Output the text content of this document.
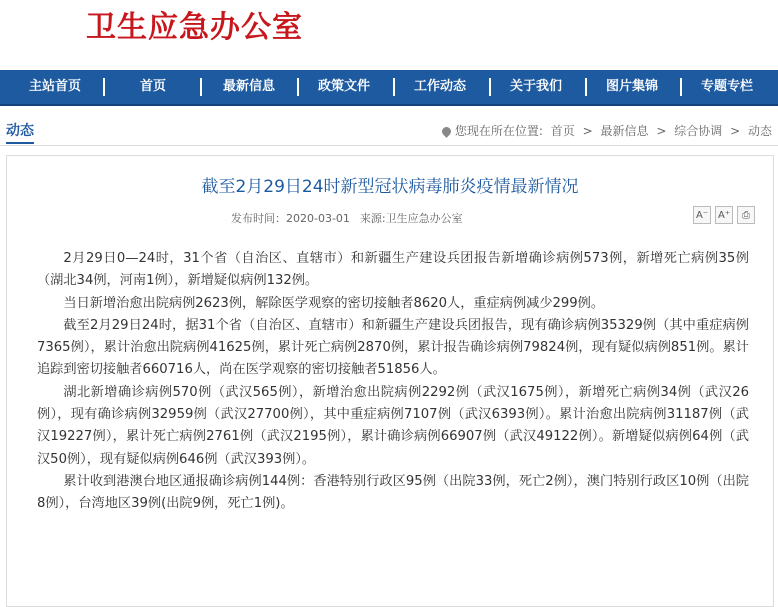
卫生应急办公室
主站首页	首页	最新信息	政策文件	工作动态	关于我们	图片集锦	专题专栏
动态	您现在所在位置: 首页 > 最新信息 > 综合协调 > 动态
截至2月29日24时新型冠状病毒肺炎疫情最新情况
发布时间：2020-03-01 来源:卫生应急办公室	A⁻ A⁺	⎙

2月29日0—24时，31个省（自治区、直辖市）和新疆生产建设兵团报告新增确诊病例573例，新增死亡病例35例（湖北34例，河南1例），新增疑似病例132例。

当日新增治愈出院病例2623例，解除医学观察的密切接触者8620人，重症病例减少299例。

截至2月29日24时，据31个省（自治区、直辖市）和新疆生产建设兵团报告，现有确诊病例35329例（其中重症病例7365例），累计治愈出院病例41625例，累计死亡病例2870例，累计报告确诊病例79824例，现有疑似病例851例。累计追踪到密切接触者660716人，尚在医学观察的密切接触者51856人。

湖北新增确诊病例570例（武汉565例），新增治愈出院病例2292例（武汉1675例），新增死亡病例34例（武汉26例），现有确诊病例32959例（武汉27700例），其中重症病例7107例（武汉6393例）。累计治愈出院病例31187例（武汉19227例），累计死亡病例2761例（武汉2195例），累计确诊病例66907例（武汉49122例）。新增疑似病例64例（武汉50例），现有疑似病例646例（武汉393例）。

累计收到港澳台地区通报确诊病例144例：香港特别行政区95例（出院33例，死亡2例），澳门特别行政区10例（出院8例），台湾地区39例(出院9例，死亡1例)。
